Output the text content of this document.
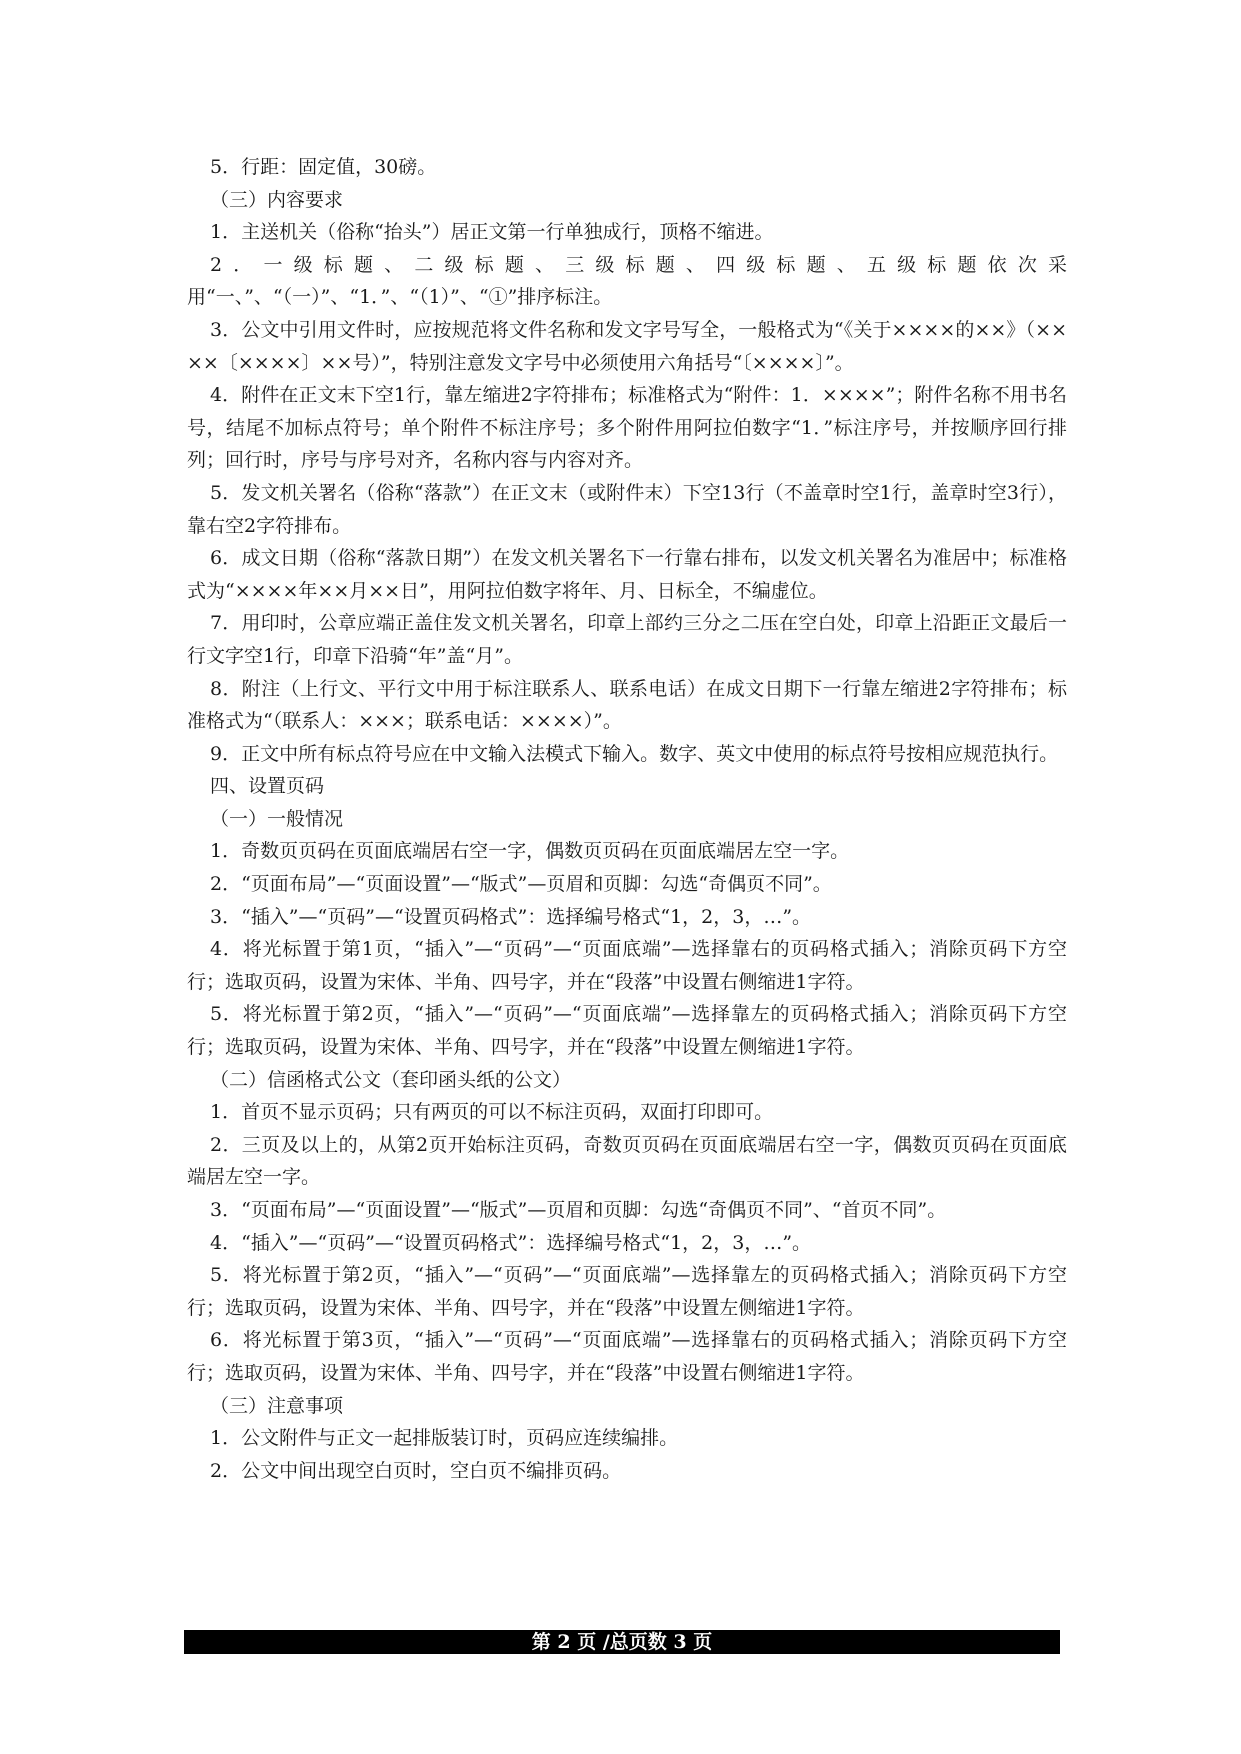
5．行距：固定值，30磅。

（三）内容要求

1．主送机关（俗称“抬头”）居正文第一行单独成行，顶格不缩进。

2．一级标题、二级标题、三级标题、四级标题、五级标题依次采用“一、”、“（一）”、“1．”、“（1）”、“①”排序标注。

3．公文中引用文件时，应按规范将文件名称和发文字号写全，一般格式为“《关于××××的××》（××××〔××××〕××号）”，特别注意发文字号中必须使用六角括号“〔××××〕”。

4．附件在正文末下空1行，靠左缩进2字符排布；标准格式为“附件：1．××××”；附件名称不用书名号，结尾不加标点符号；单个附件不标注序号；多个附件用阿拉伯数字“1．”标注序号，并按顺序回行排列；回行时，序号与序号对齐，名称内容与内容对齐。

5．发文机关署名（俗称“落款”）在正文末（或附件末）下空13行（不盖章时空1行，盖章时空3行），靠右空2字符排布。

6．成文日期（俗称“落款日期”）在发文机关署名下一行靠右排布，以发文机关署名为准居中；标准格式为“××××年××月××日”，用阿拉伯数字将年、月、日标全，不编虚位。

7．用印时，公章应端正盖住发文机关署名，印章上部约三分之二压在空白处，印章上沿距正文最后一行文字空1行，印章下沿骑“年”盖“月”。

8．附注（上行文、平行文中用于标注联系人、联系电话）在成文日期下一行靠左缩进2字符排布；标准格式为“（联系人：×××；联系电话：××××）”。

9．正文中所有标点符号应在中文输入法模式下输入。数字、英文中使用的标点符号按相应规范执行。

四、设置页码

（一）一般情况

1．奇数页页码在页面底端居右空一字，偶数页页码在页面底端居左空一字。

2．“页面布局”—“页面设置”—“版式”—页眉和页脚：勾选“奇偶页不同”。

3．“插入”—“页码”—“设置页码格式”：选择编号格式“1，2，3，…”。

4．将光标置于第1页，“插入”—“页码”—“页面底端”—选择靠右的页码格式插入；消除页码下方空行；选取页码，设置为宋体、半角、四号字，并在“段落”中设置右侧缩进1字符。

5．将光标置于第2页，“插入”—“页码”—“页面底端”—选择靠左的页码格式插入；消除页码下方空行；选取页码，设置为宋体、半角、四号字，并在“段落”中设置左侧缩进1字符。

（二）信函格式公文（套印函头纸的公文）

1．首页不显示页码；只有两页的可以不标注页码，双面打印即可。

2．三页及以上的，从第2页开始标注页码，奇数页页码在页面底端居右空一字，偶数页页码在页面底端居左空一字。

3．“页面布局”—“页面设置”—“版式”—页眉和页脚：勾选“奇偶页不同”、“首页不同”。

4．“插入”—“页码”—“设置页码格式”：选择编号格式“1，2，3，…”。

5．将光标置于第2页，“插入”—“页码”—“页面底端”—选择靠左的页码格式插入；消除页码下方空行；选取页码，设置为宋体、半角、四号字，并在“段落”中设置左侧缩进1字符。

6．将光标置于第3页，“插入”—“页码”—“页面底端”—选择靠右的页码格式插入；消除页码下方空行；选取页码，设置为宋体、半角、四号字，并在“段落”中设置右侧缩进1字符。

（三）注意事项

1．公文附件与正文一起排版装订时，页码应连续编排。

2．公文中间出现空白页时，空白页不编排页码。

第 2 页 /总页数 3 页
